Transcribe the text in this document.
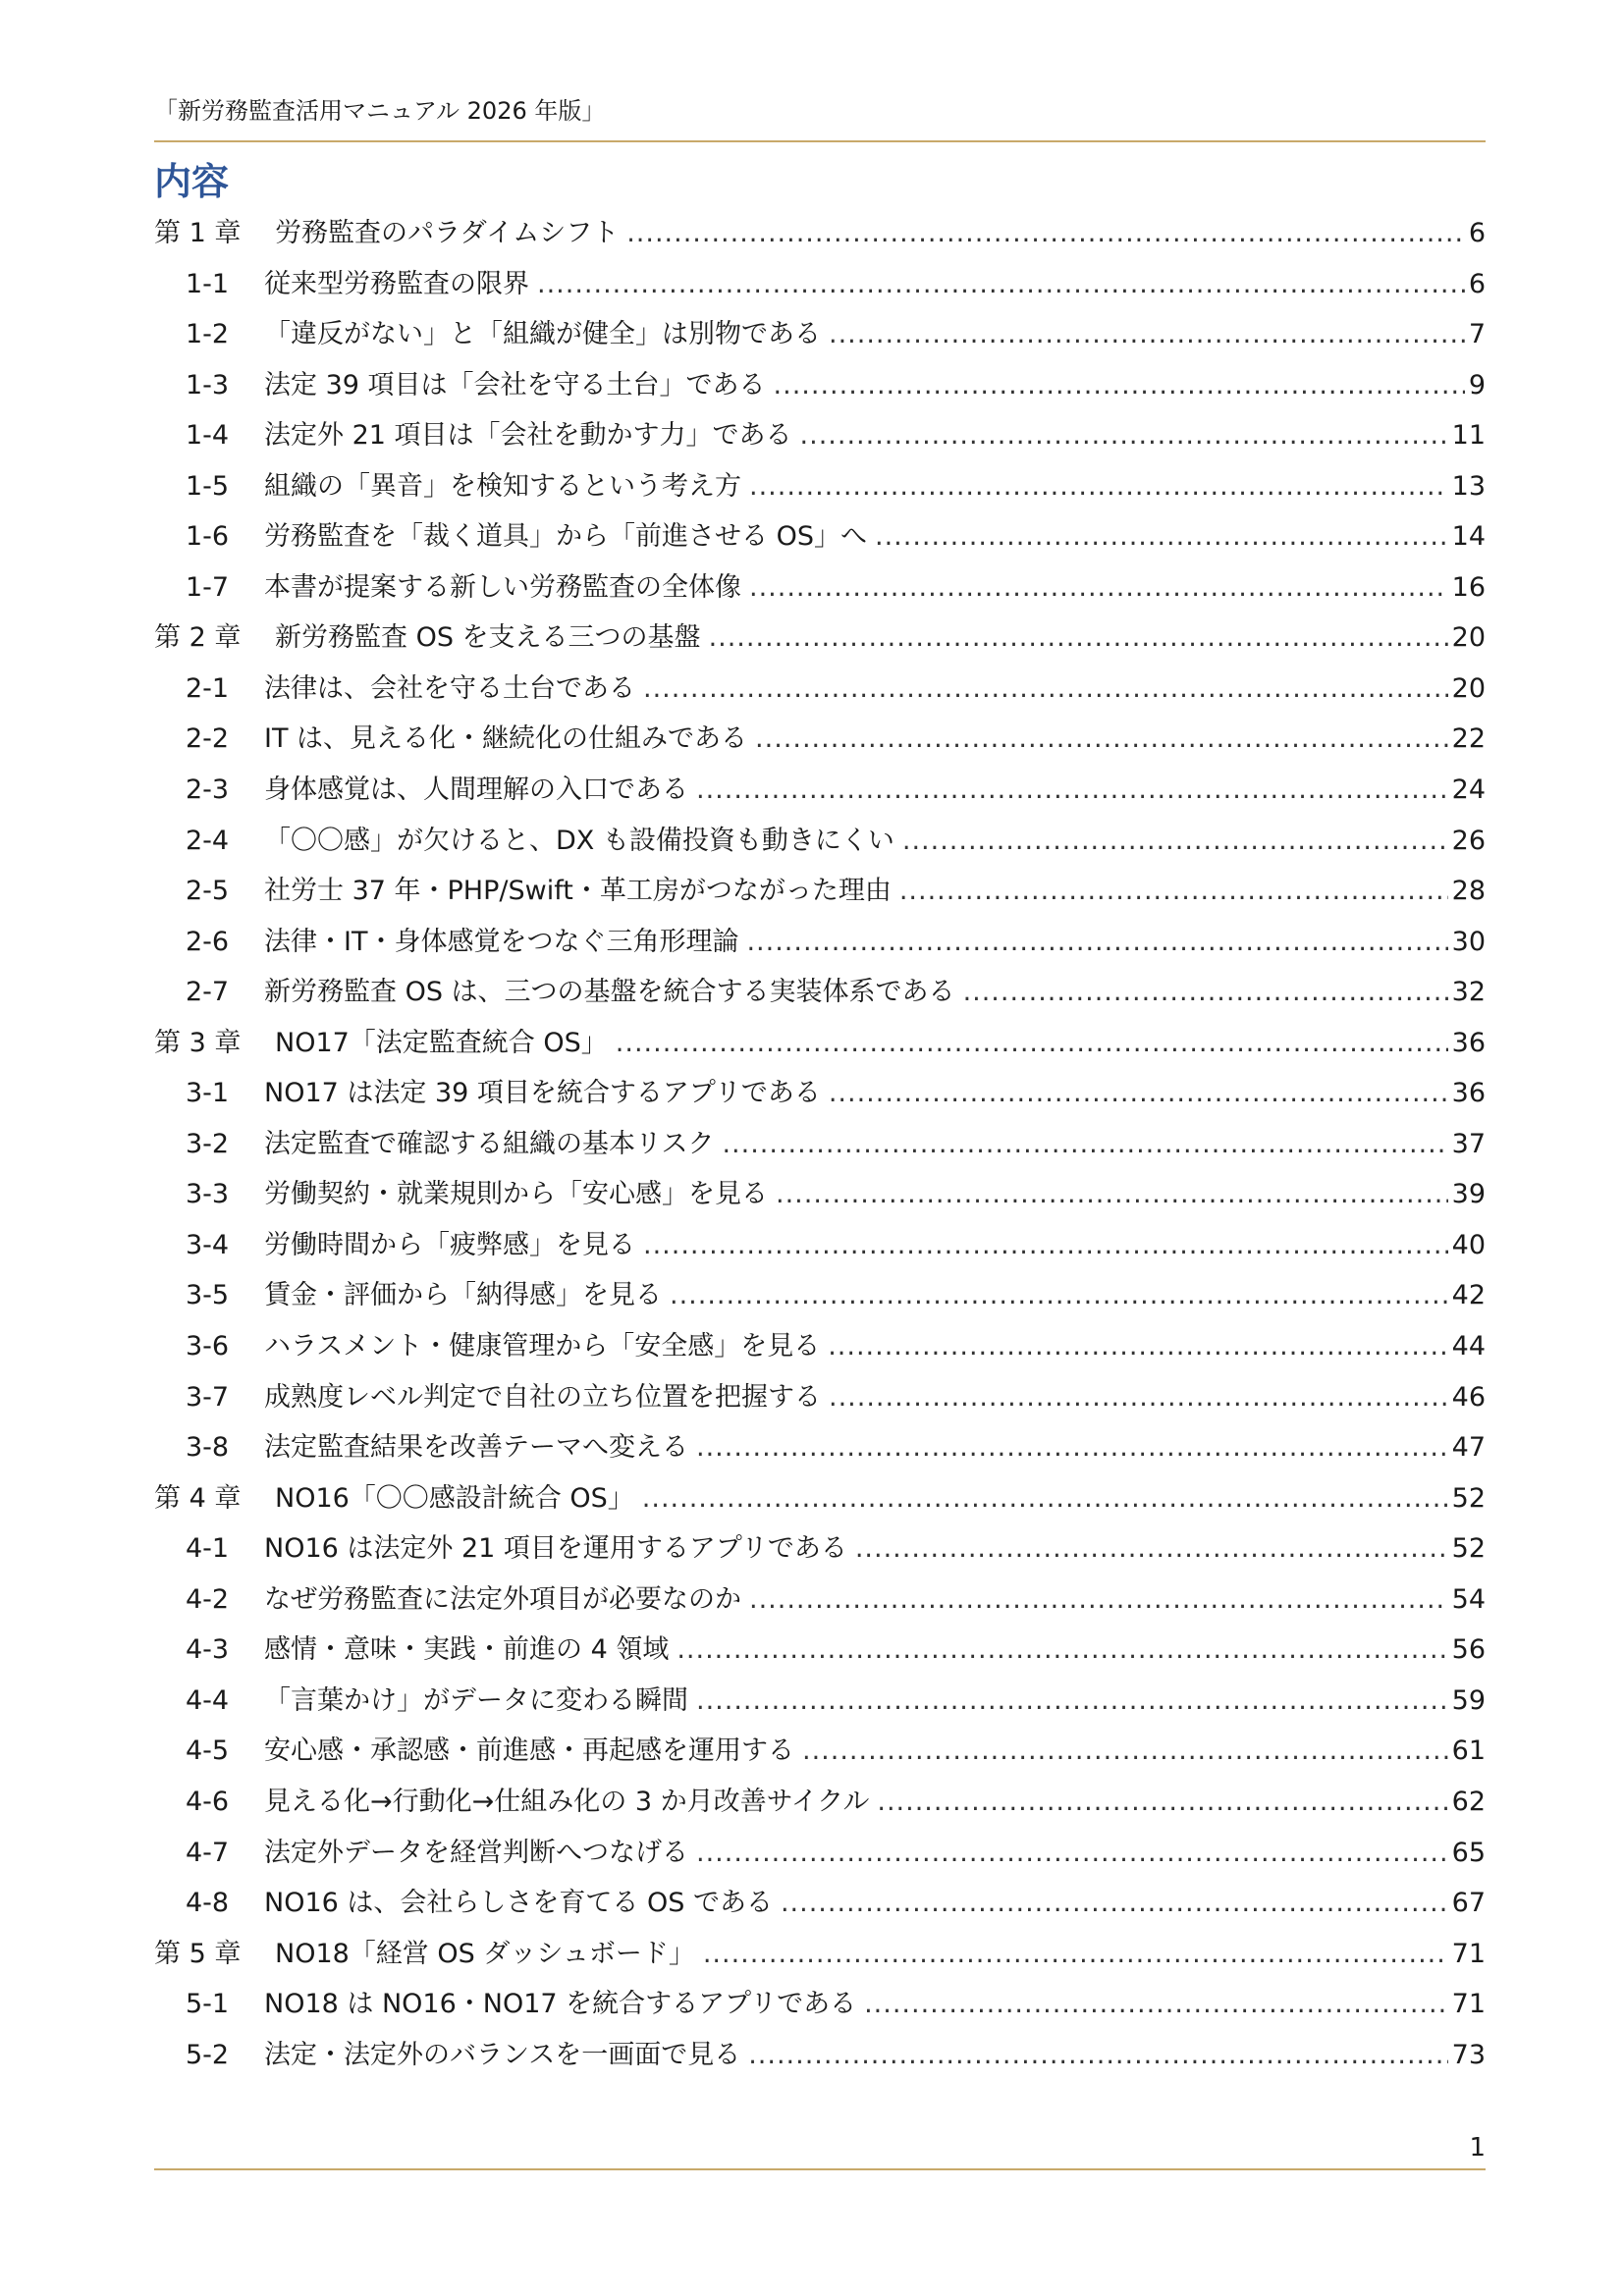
「新労務監査活用マニュアル 2026 年版」
内容
第 1 章	労務監査のパラダイムシフト .....	6
1-1	従来型労務監査の限界 .....	6
1-2	「違反がない」と「組織が健全」は別物である .....	7
1-3	法定 39 項目は「会社を守る土台」である .....	9
1-4	法定外 21 項目は「会社を動かす力」である .....	11
1-5	組織の「異音」を検知するという考え方 .....	13
1-6	労務監査を「裁く道具」から「前進させる OS」へ .....	14
1-7	本書が提案する新しい労務監査の全体像 .....	16
第 2 章	新労務監査 OS を支える三つの基盤 .....	20
2-1	法律は、会社を守る土台である .....	20
2-2	IT は、見える化・継続化の仕組みである .....	22
2-3	身体感覚は、人間理解の入口である .....	24
2-4	「〇〇感」が欠けると、DX も設備投資も動きにくい .....	26
2-5	社労士 37 年・PHP/Swift・革工房がつながった理由 .....	28
2-6	法律・IT・身体感覚をつなぐ三角形理論 .....	30
2-7	新労務監査 OS は、三つの基盤を統合する実装体系である .....	32
第 3 章	NO17「法定監査統合 OS」 .....	36
3-1	NO17 は法定 39 項目を統合するアプリである .....	36
3-2	法定監査で確認する組織の基本リスク .....	37
3-3	労働契約・就業規則から「安心感」を見る .....	39
3-4	労働時間から「疲弊感」を見る .....	40
3-5	賃金・評価から「納得感」を見る .....	42
3-6	ハラスメント・健康管理から「安全感」を見る .....	44
3-7	成熟度レベル判定で自社の立ち位置を把握する .....	46
3-8	法定監査結果を改善テーマへ変える .....	47
第 4 章	NO16「〇〇感設計統合 OS」 .....	52
4-1	NO16 は法定外 21 項目を運用するアプリである .....	52
4-2	なぜ労務監査に法定外項目が必要なのか .....	54
4-3	感情・意味・実践・前進の 4 領域 .....	56
4-4	「言葉かけ」がデータに変わる瞬間 .....	59
4-5	安心感・承認感・前進感・再起感を運用する .....	61
4-6	見える化→行動化→仕組み化の 3 か月改善サイクル .....	62
4-7	法定外データを経営判断へつなげる .....	65
4-8	NO16 は、会社らしさを育てる OS である .....	67
第 5 章	NO18「経営 OS ダッシュボード」 .....	71
5-1	NO18 は NO16・NO17 を統合するアプリである .....	71
5-2	法定・法定外のバランスを一画面で見る .....	73
1
